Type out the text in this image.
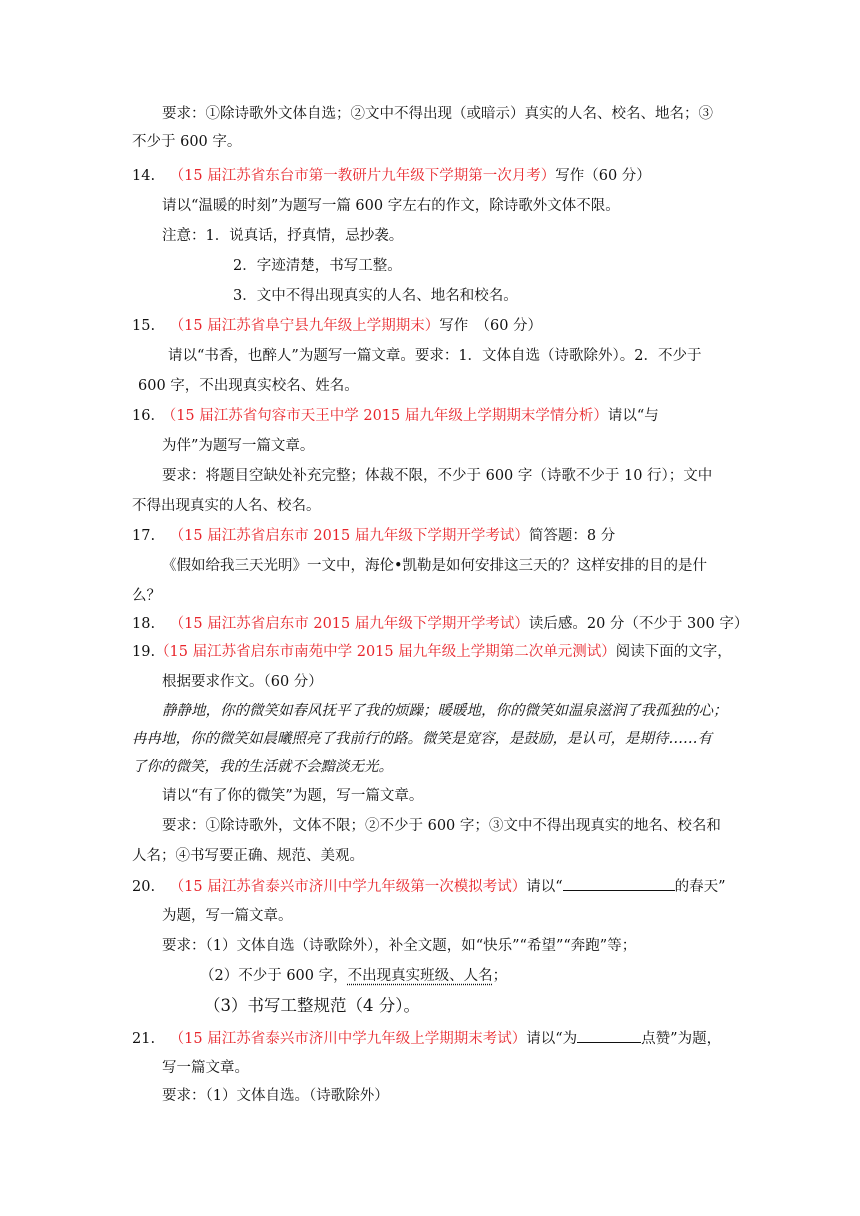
要求：①除诗歌外文体自选；②文中不得出现（或暗示）真实的人名、校名、地名；③
不少于 600 字。
14. （15 届江苏省东台市第一教研片九年级下学期第一次月考）写作（60 分）
请以“温暖的时刻”为题写一篇 600 字左右的作文，除诗歌外文体不限。
注意：1．说真话，抒真情，忌抄袭。
2．字迹清楚，书写工整。
3．文中不得出现真实的人名、地名和校名。
15. （15 届江苏省阜宁县九年级上学期期末）写作　（60 分）
请以“书香，也醉人”为题写一篇文章。要求：1．文体自选（诗歌除外）。2．不少于
600 字，不出现真实校名、姓名。
16． （15 届江苏省句容市天王中学 2015 届九年级上学期期末学情分析）请以“与
为伴”为题写一篇文章。
要求：将题目空缺处补充完整；体裁不限，不少于 600 字（诗歌不少于 10 行）；文中
不得出现真实的人名、校名。
17. （15 届江苏省启东市 2015 届九年级下学期开学考试）简答题：8 分
《假如给我三天光明》一文中，海伦•凯勒是如何安排这三天的？这样安排的目的是什
么？
18. （15 届江苏省启东市 2015 届九年级下学期开学考试）读后感。20 分（不少于 300 字）
19.（15 届江苏省启东市南苑中学 2015 届九年级上学期第二次单元测试）阅读下面的文字，
根据要求作文。（60 分）
静静地，你的微笑如春风抚平了我的烦躁；暖暖地，你的微笑如温泉滋润了我孤独的心；
冉冉地，你的微笑如晨曦照亮了我前行的路。微笑是宽容，是鼓励，是认可，是期待……有
了你的微笑，我的生活就不会黯淡无光。
请以“有了你的微笑”为题，写一篇文章。
要求：①除诗歌外，文体不限；②不少于 600 字；③文中不得出现真实的地名、校名和
人名；④书写要正确、规范、美观。
20. （15 届江苏省泰兴市济川中学九年级第一次模拟考试）请以“	的春天”
为题，写一篇文章。
要求：（1）文体自选（诗歌除外），补全文题，如“快乐”“希望”“奔跑”等；
（2）不少于 600 字，不出现真实班级、人名；
（3）书写工整规范（4 分）。
21. （15 届江苏省泰兴市济川中学九年级上学期期末考试）请以“为	点赞”为题，
写一篇文章。
要求：（1）文体自选。（诗歌除外）
